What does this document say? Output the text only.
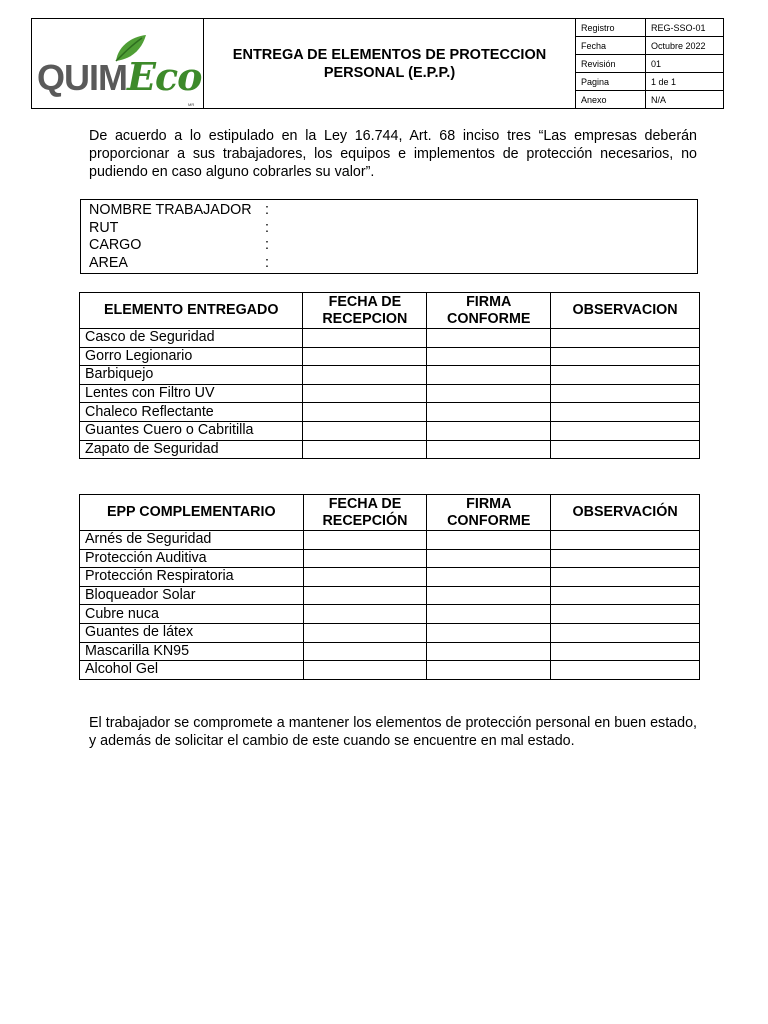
QUIMEco
MR
ENTREGA DE ELEMENTOS DE PROTECCION PERSONAL (E.P.P.)
Registro	REG-SSO-01
Fecha	Octubre 2022
Revisión	01
Pagina	1 de 1
Anexo	N/A
De acuerdo a lo estipulado en la Ley 16.744, Art. 68 inciso tres “Las empresas deberán proporcionar a sus trabajadores, los equipos e implementos de protección necesarios, no pudiendo en caso alguno cobrarles su valor”.
NOMBRE TRABAJADOR :
RUT	:
CARGO	:
AREA	:
ELEMENTO ENTREGADO	FECHA DE RECEPCION	FIRMA CONFORME	OBSERVACION
Casco de Seguridad			
Gorro Legionario			
Barbiquejo			
Lentes con Filtro UV			
Chaleco Reflectante			
Guantes Cuero o Cabritilla			
Zapato de Seguridad			
EPP COMPLEMENTARIO	FECHA DE RECEPCIÓN	FIRMA CONFORME	OBSERVACIÓN
Arnés de Seguridad			
Protección Auditiva			
Protección Respiratoria			
Bloqueador Solar			
Cubre nuca			
Guantes de látex			
Mascarilla KN95			
Alcohol Gel			
El trabajador se compromete a mantener los elementos de protección personal en buen estado, y además de solicitar el cambio de este cuando se encuentre en mal estado.
